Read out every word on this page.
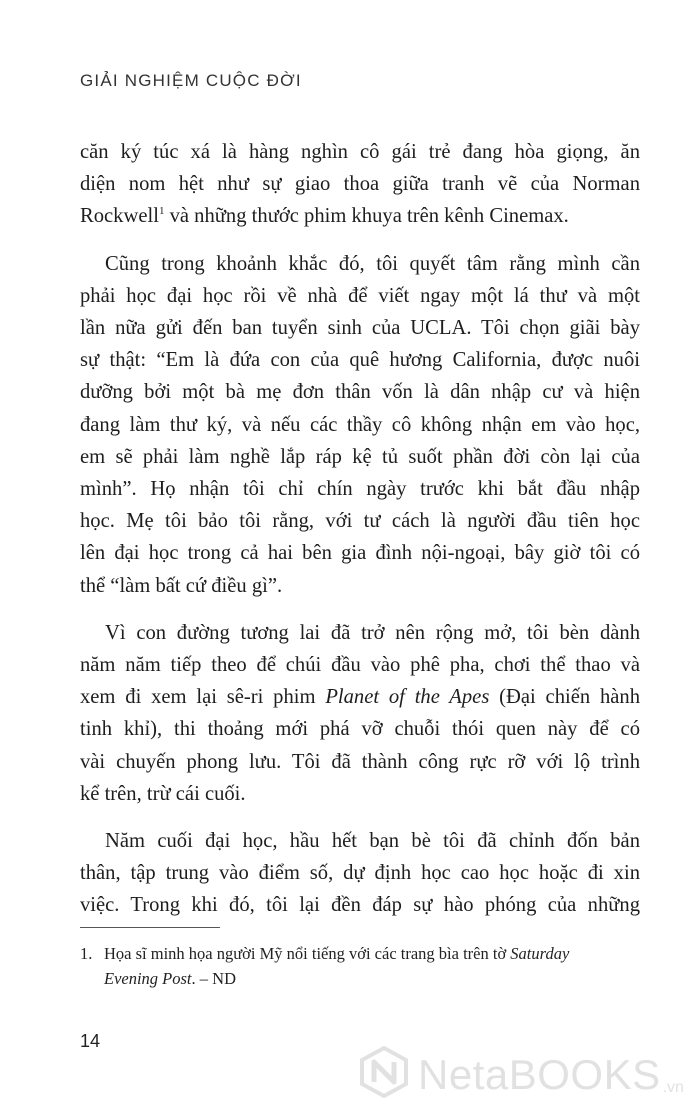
GIẢI NGHIỆM CUỘC ĐỜI

căn ký túc xá là hàng nghìn cô gái trẻ đang hòa giọng, ăn
diện nom hệt như sự giao thoa giữa tranh vẽ của Norman
Rockwell$^1$ và những thước phim khuya trên kênh Cinemax.

Cũng trong khoảnh khắc đó, tôi quyết tâm rằng mình cần
phải học đại học rồi về nhà để viết ngay một lá thư và một
lần nữa gửi đến ban tuyển sinh của UCLA. Tôi chọn giãi bày
sự thật: “Em là đứa con của quê hương California, được nuôi
dưỡng bởi một bà mẹ đơn thân vốn là dân nhập cư và hiện
đang làm thư ký, và nếu các thầy cô không nhận em vào học,
em sẽ phải làm nghề lắp ráp kệ tủ suốt phần đời còn lại của
mình”. Họ nhận tôi chỉ chín ngày trước khi bắt đầu nhập
học. Mẹ tôi bảo tôi rằng, với tư cách là người đầu tiên học
lên đại học trong cả hai bên gia đình nội-ngoại, bây giờ tôi có
thể “làm bất cứ điều gì”.

Vì con đường tương lai đã trở nên rộng mở, tôi bèn dành
năm năm tiếp theo để chúi đầu vào phê pha, chơi thể thao và
xem đi xem lại sê-ri phim Planet of the Apes (Đại chiến hành
tinh khỉ), thi thoảng mới phá vỡ chuỗi thói quen này để có
vài chuyến phong lưu. Tôi đã thành công rực rỡ với lộ trình
kể trên, trừ cái cuối.

Năm cuối đại học, hầu hết bạn bè tôi đã chỉnh đốn bản
thân, tập trung vào điểm số, dự định học cao học hoặc đi xin
việc. Trong khi đó, tôi lại đền đáp sự hào phóng của những

1. Họa sĩ minh họa người Mỹ nổi tiếng với các trang bìa trên tờ Saturday
Evening Post. – ND
14
NetaBOOKS .vn
